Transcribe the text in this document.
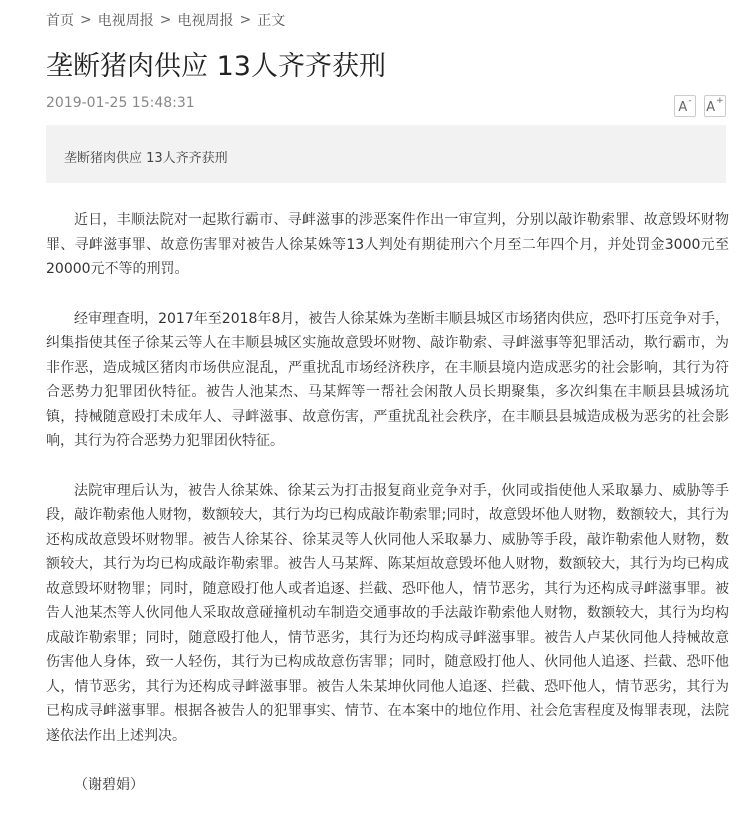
首页 > 电视周报 > 电视周报 > 正文
垄断猪肉供应 13人齐齐获刑
2019-01-25 15:48:31	A- A+
垄断猪肉供应 13人齐齐获刑

近日，丰顺法院对一起欺行霸市、寻衅滋事的涉恶案件作出一审宣判，分别以敲诈勒索罪、故意毁坏财物罪、寻衅滋事罪、故意伤害罪对被告人徐某姝等13人判处有期徒刑六个月至二年四个月，并处罚金3000元至20000元不等的刑罚。

经审理查明，2017年至2018年8月，被告人徐某姝为垄断丰顺县城区市场猪肉供应，恐吓打压竞争对手，纠集指使其侄子徐某云等人在丰顺县城区实施故意毁坏财物、敲诈勒索、寻衅滋事等犯罪活动，欺行霸市，为非作恶，造成城区猪肉市场供应混乱，严重扰乱市场经济秩序，在丰顺县境内造成恶劣的社会影响，其行为符合恶势力犯罪团伙特征。被告人池某杰、马某辉等一帮社会闲散人员长期聚集，多次纠集在丰顺县县城汤坑镇，持械随意殴打未成年人、寻衅滋事、故意伤害，严重扰乱社会秩序，在丰顺县县城造成极为恶劣的社会影响，其行为符合恶势力犯罪团伙特征。

法院审理后认为，被告人徐某姝、徐某云为打击报复商业竞争对手，伙同或指使他人采取暴力、威胁等手段，敲诈勒索他人财物，数额较大，其行为均已构成敲诈勒索罪;同时，故意毁坏他人财物，数额较大，其行为还构成故意毁坏财物罪。被告人徐某谷、徐某灵等人伙同他人采取暴力、威胁等手段，敲诈勒索他人财物，数额较大，其行为均已构成敲诈勒索罪。被告人马某辉、陈某烜故意毁坏他人财物，数额较大，其行为均已构成故意毁坏财物罪；同时，随意殴打他人或者追逐、拦截、恐吓他人，情节恶劣，其行为还构成寻衅滋事罪。被告人池某杰等人伙同他人采取故意碰撞机动车制造交通事故的手法敲诈勒索他人财物，数额较大，其行为均构成敲诈勒索罪；同时，随意殴打他人，情节恶劣，其行为还均构成寻衅滋事罪。被告人卢某伙同他人持械故意伤害他人身体，致一人轻伤，其行为已构成故意伤害罪；同时，随意殴打他人、伙同他人追逐、拦截、恐吓他人，情节恶劣，其行为还构成寻衅滋事罪。被告人朱某坤伙同他人追逐、拦截、恐吓他人，情节恶劣，其行为已构成寻衅滋事罪。根据各被告人的犯罪事实、情节、在本案中的地位作用、社会危害程度及悔罪表现，法院遂依法作出上述判决。

（谢碧娟）
